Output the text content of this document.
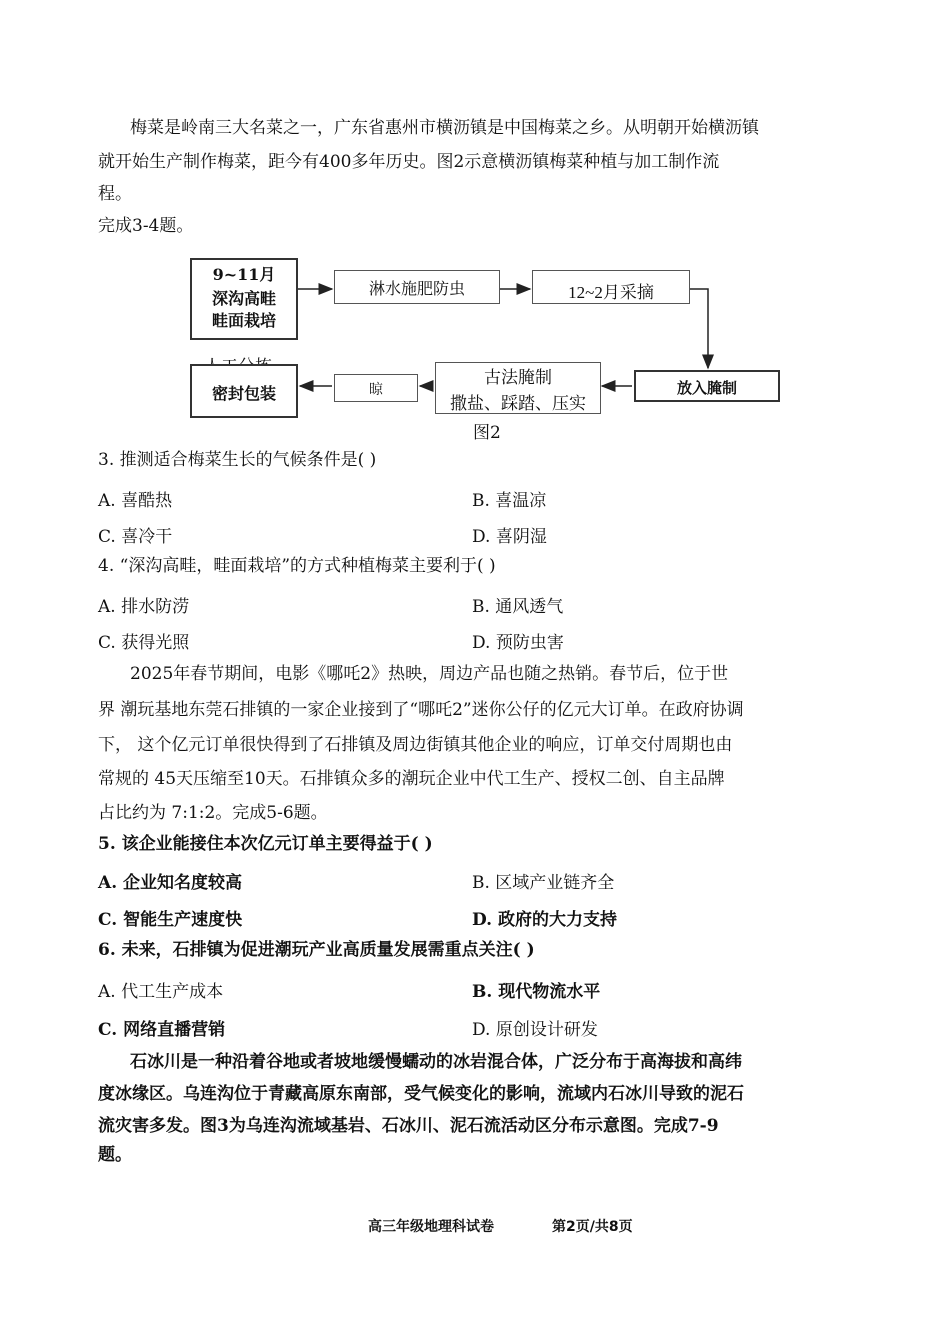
梅菜是岭南三大名菜之一，广东省惠州市横沥镇是中国梅菜之乡。从明朝开始横沥镇
就开始生产制作梅菜，距今有400多年历史。图2示意横沥镇梅菜种植与加工制作流
程。
完成3-4题。
9~11月
深沟高畦
畦面栽培
淋水施肥防虫	12~2月采摘
放入腌制
古法腌制
撒盐、踩踏、压实
晾
密封包装
图2
3. 推测适合梅菜生长的气候条件是( )
A. 喜酷热	B. 喜温凉
C. 喜冷干	D. 喜阴湿
4. “深沟高畦，畦面栽培”的方式种植梅菜主要利于( )
A. 排水防涝	B. 通风透气
C. 获得光照	D. 预防虫害
2025年春节期间，电影《哪吒2》热映，周边产品也随之热销。春节后，位于世
界 潮玩基地东莞石排镇的一家企业接到了“哪吒2”迷你公仔的亿元大订单。在政府协调
下， 这个亿元订单很快得到了石排镇及周边街镇其他企业的响应，订单交付周期也由
常规的 45天压缩至10天。石排镇众多的潮玩企业中代工生产、授权二创、自主品牌
占比约为 7:1:2。完成5-6题。
5. 该企业能接住本次亿元订单主要得益于( )
A. 企业知名度较高	B. 区域产业链齐全
C. 智能生产速度快	D. 政府的大力支持
6. 未来，石排镇为促进潮玩产业高质量发展需重点关注( )
A. 代工生产成本	B. 现代物流水平
C. 网络直播营销	D. 原创设计研发
石冰川是一种沿着谷地或者坡地缓慢蠕动的冰岩混合体，广泛分布于高海拔和高纬
度冰缘区。乌连沟位于青藏高原东南部，受气候变化的影响，流域内石冰川导致的泥石
流灾害多发。图3为乌连沟流域基岩、石冰川、泥石流活动区分布示意图。完成7-9
题。
高三年级地理科试卷	第2页/共8页
